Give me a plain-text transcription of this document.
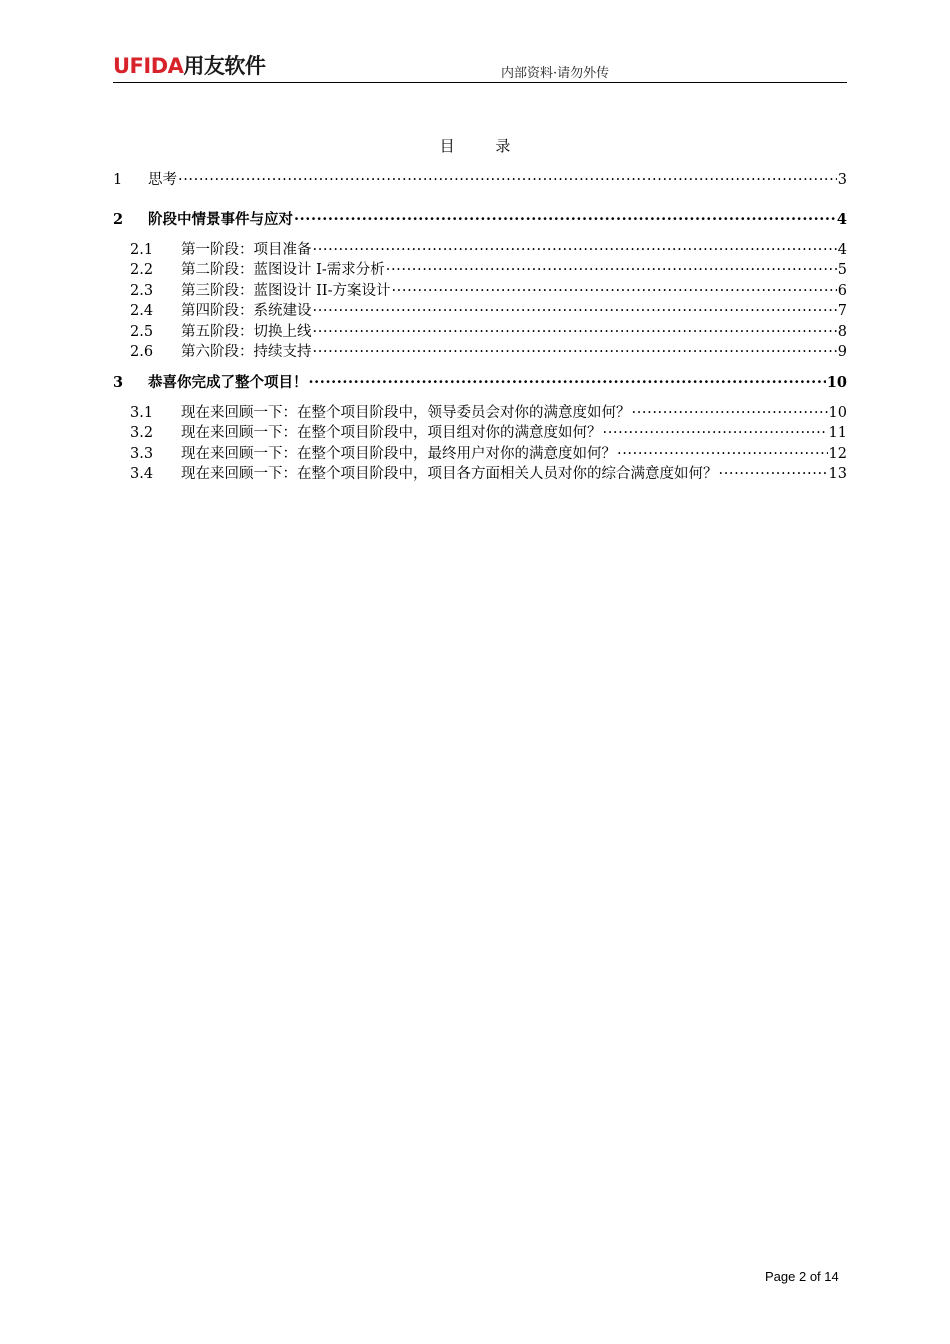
UFIDA用友软件	内部资料·请勿外传
目 录
1	思考 .....	3
2	阶段中情景事件与应对 .....	4
2.1	第一阶段：项目准备 .....	4
2.2	第二阶段：蓝图设计 I-需求分析 .....	5
2.3	第三阶段：蓝图设计 II-方案设计 .....	6
2.4	第四阶段：系统建设 .....	7
2.5	第五阶段：切换上线 .....	8
2.6	第六阶段：持续支持 .....	9
3	恭喜你完成了整个项目！ .....	10
3.1	现在来回顾一下：在整个项目阶段中，领导委员会对你的满意度如何？ .....	10
3.2	现在来回顾一下：在整个项目阶段中，项目组对你的满意度如何？ .....	11
3.3	现在来回顾一下：在整个项目阶段中，最终用户对你的满意度如何？ .....	12
3.4	现在来回顾一下：在整个项目阶段中，项目各方面相关人员对你的综合满意度如何？ .....	13
Page 2 of 14
